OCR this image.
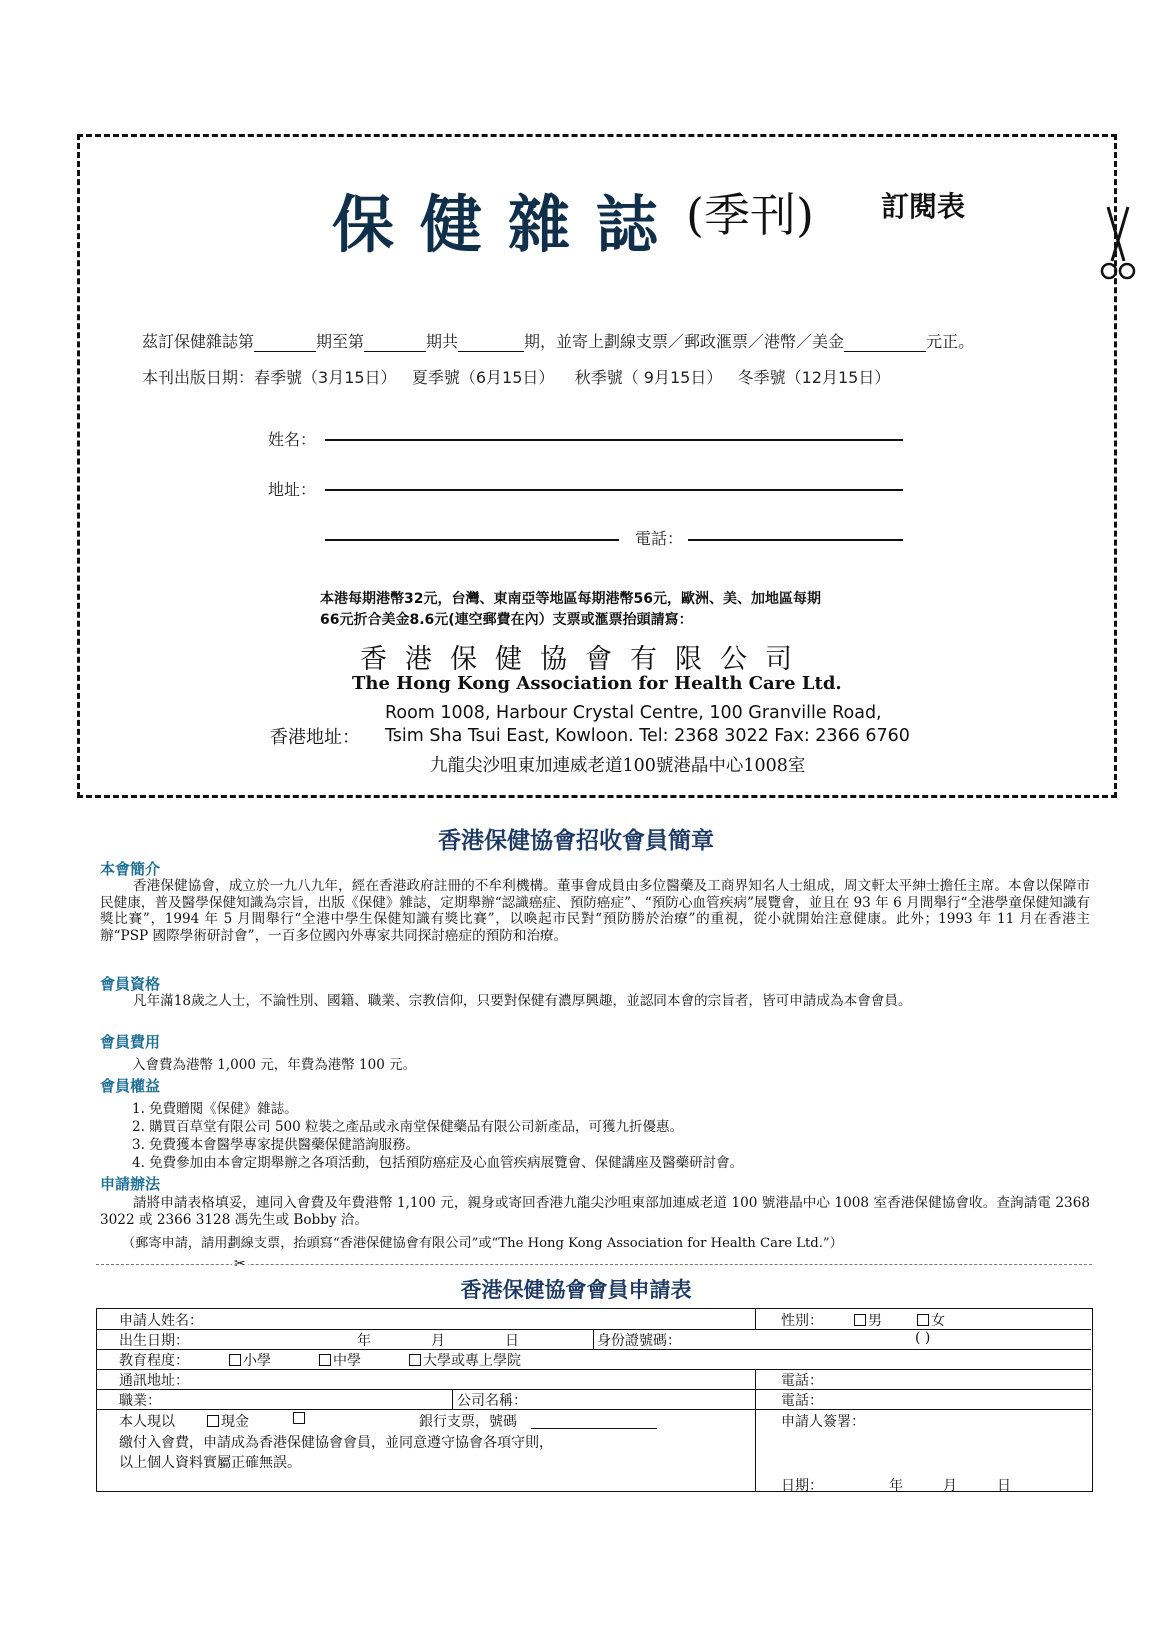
保健雜誌 (季刊) 訂閱表
茲訂保健雜誌第	期至第	期共	期，並寄上劃線支票／郵政滙票／港幣／美金	元正。
本刊出版日期：春季號（3月15日） 夏季號（6月15日） 秋季號（ 9月15日） 冬季號（12月15日）
姓名：
地址：
電話：
本港每期港幣32元，台灣、東南亞等地區每期港幣56元，歐洲、美、加地區每期
66元折合美金8.6元(連空郵費在內）支票或滙票抬頭請寫：
香港保健協會有限公司
The Hong Kong Association for Health Care Ltd.
香港地址：
Room 1008, Harbour Crystal Centre, 100 Granville Road,
Tsim Sha Tsui East, Kowloon. Tel: 2368 3022 Fax: 2366 6760
九龍尖沙咀東加連威老道100號港晶中心1008室
香港保健協會招收會員簡章
本會簡介
香港保健協會，成立於一九八九年，經在香港政府註冊的不牟利機構。董事會成員由多位醫藥及工商界知名人士組成，周文軒太平紳士擔任主席。本會以保障市民健康，普及醫學保健知識為宗旨，出版《保健》雜誌，定期舉辦“認識癌症、預防癌症”、“預防心血管疾病”展覽會，並且在 93 年 6 月間舉行“全港學童保健知識有獎比賽”，1994 年 5 月間舉行“全港中學生保健知識有獎比賽”，以喚起市民對“預防勝於治療”的重視，從小就開始注意健康。此外；1993 年 11 月在香港主辦“PSP 國際學術研討會”，一百多位國內外專家共同探討癌症的預防和治療。
會員資格
凡年滿18歲之人士，不論性別、國籍、職業、宗教信仰，只要對保健有濃厚興趣，並認同本會的宗旨者，皆可申請成為本會會員。
會員費用
入會費為港幣 1,000 元，年費為港幣 100 元。
會員權益
1. 免費贈閱《保健》雜誌。
2. 購買百草堂有限公司 500 粒裝之產品或永南堂保健藥品有限公司新產品，可獲九折優惠。
3. 免費獲本會醫學專家提供醫藥保健諮詢服務。
4. 免費參加由本會定期舉辦之各項活動，包括預防癌症及心血管疾病展覽會、保健講座及醫藥研討會。
申請辦法
請將申請表格填妥，連同入會費及年費港幣 1,100 元，親身或寄回香港九龍尖沙咀東部加連威老道 100 號港晶中心 1008 室香港保健協會收。查詢請電 2368 3022 或 2366 3128 馮先生或 Bobby 洽。
（郵寄申請，請用劃線支票，抬頭寫“香港保健協會有限公司”或“The Hong Kong Association for Health Care Ltd.”）
✂
香港保健協會會員申請表
申請人姓名：	性別：	男	女
出生日期：	年	月	日	身份證號碼：	( )
教育程度：	小學	中學	大學或專上學院
通訊地址：	電話：
職業：	公司名稱：	電話：
本人現以	現金	銀行支票，號碼
繳付入會費，申請成為香港保健協會會員，並同意遵守協會各項守則，
以上個人資料實屬正確無誤。
申請人簽署：
日期：	年	月	日
